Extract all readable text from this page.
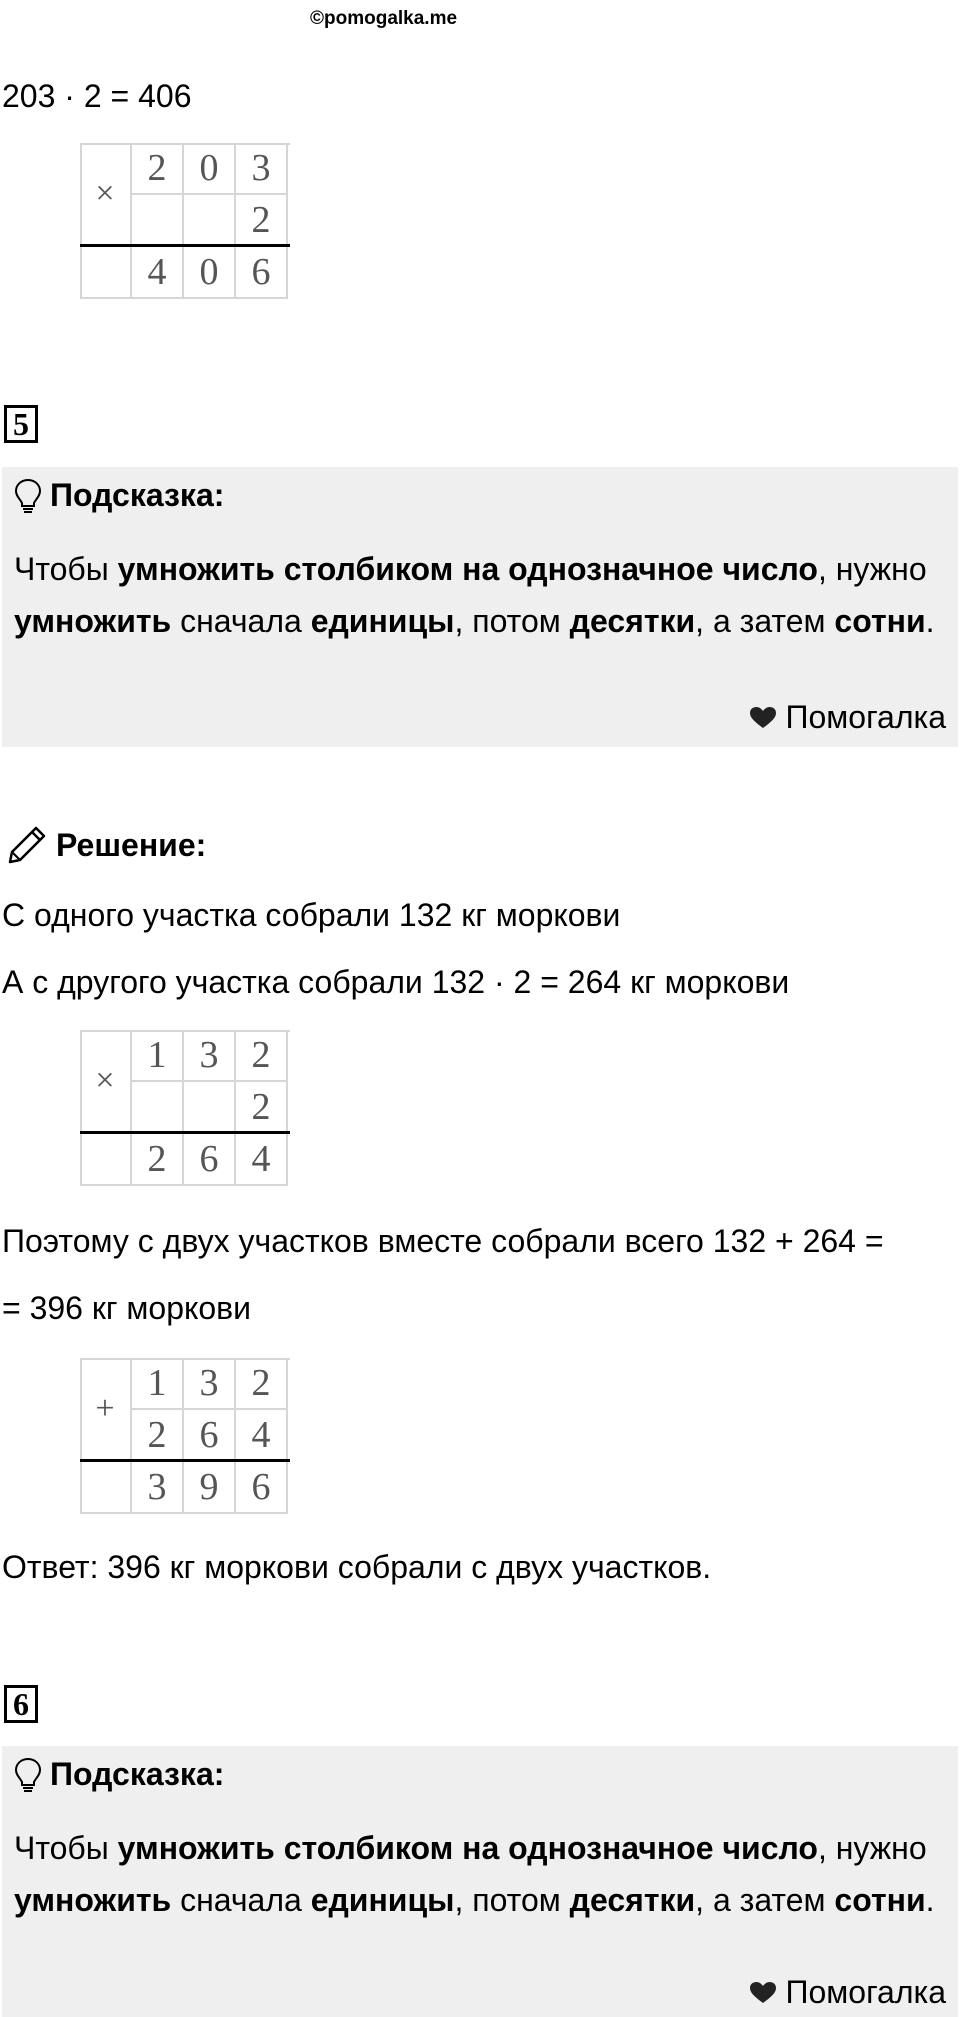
©pomogalka.me
203 · 2 = 406
×
2 0 3
2
4 0 6
5
Подсказка:
Чтобы умножить столбиком на однозначное число, нужно умножить сначала единицы, потом десятки, а затем сотни.
Помогалка
Решение:
С одного участка собрали 132 кг моркови
А с другого участка собрали 132 · 2 = 264 кг моркови
×
1 3 2
2
2 6 4
Поэтому с двух участков вместе собрали всего 132 + 264 =
= 396 кг моркови
+
1 3 2
2 6 4
3 9 6
Ответ: 396 кг моркови собрали с двух участков.
6
Подсказка:
Чтобы умножить столбиком на однозначное число, нужно умножить сначала единицы, потом десятки, а затем сотни.
Помогалка
